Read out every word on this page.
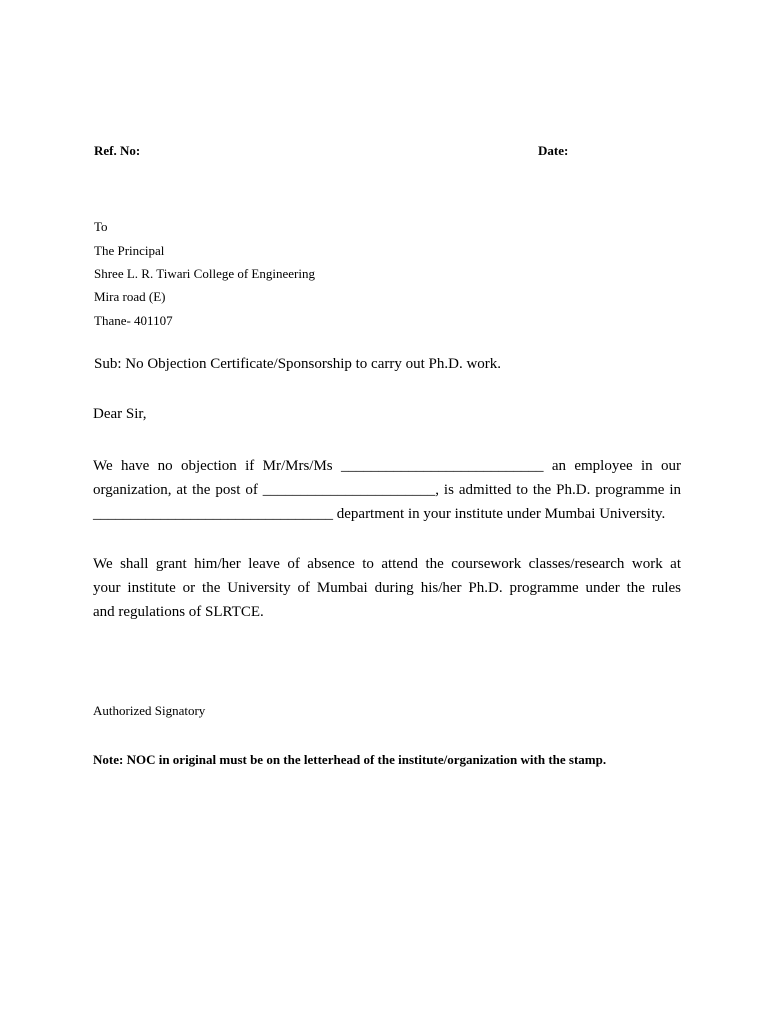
Ref. No:	Date:
To
The Principal
Shree L. R. Tiwari College of Engineering
Mira road (E)
Thane- 401107
Sub: No Objection Certificate/Sponsorship to carry out Ph.D. work.
Dear Sir,
We have no objection if Mr/Mrs/Ms ___________________________ an employee in our
organization, at the post of _______________________, is admitted to the Ph.D. programme in
________________________________ department in your institute under Mumbai University.
We shall grant him/her leave of absence to attend the coursework classes/research work at
your institute or the University of Mumbai during his/her Ph.D. programme under the rules
and regulations of SLRTCE.
Authorized Signatory
Note: NOC in original must be on the letterhead of the institute/organization with the stamp.
